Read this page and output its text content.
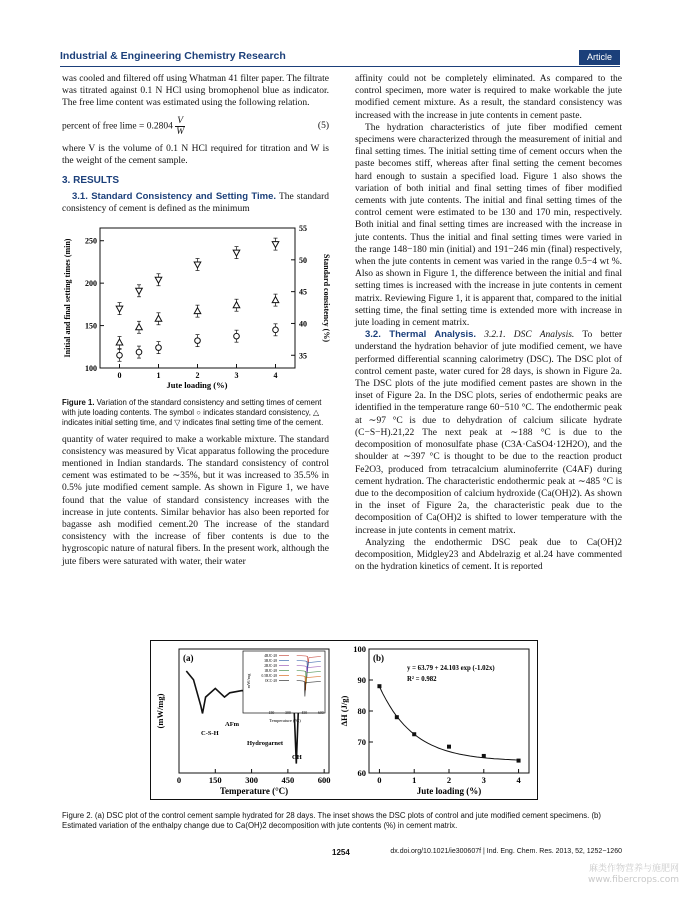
Industrial & Engineering Chemistry Research	Article

was cooled and filtered off using Whatman 41 filter paper. The filtrate was titrated against 0.1 N HCl using bromophenol blue as indicator. The free lime content was estimated using the following relation.

percent of free $\lim e = 0.2804 \frac{V}{W}$	(5)

where V is the volume of 0.1 N HCl required for titration and W is the weight of the cement sample.

3. RESULTS

3.1. Standard Consistency and Setting Time. The standard consistency of cement is defined as the minimum

0	1	2	3	4
100
150
200
250
35
40
45
50
55
Jute loading (%)
Initial and final setting times (min)	Standard consistency (%)
Figure 1. Variation of the standard consistency and setting times of cement with jute loading contents. The symbol ○ indicates standard consistency, △ indicates initial setting time, and ▽ indicates final setting time of the cement.

quantity of water required to make a workable mixture. The standard consistency was measured by Vicat apparatus following the procedure mentioned in Indian standards. The standard consistency of control cement was estimated to be ∼35%, but it was increased to 35.5% in 0.5% jute modified cement sample. As shown in Figure 1, we have found that the value of standard consistency increases with the increase in jute contents. Similar behavior has also been reported for bagasse ash modified cement.20 The increase of the standard consistency with the increase of fiber contents is due to the hygroscopic nature of natural fibers. In the present work, although the jute fibers were saturated with water, their water

affinity could not be completely eliminated. As compared to the control specimen, more water is required to make workable the jute modified cement mixture. As a result, the standard consistency was increased with the increase in jute contents in cement paste.

The hydration characteristics of jute fiber modified cement specimens were characterized through the measurement of initial and final setting times. The initial setting time of cement occurs when the paste becomes stiff, whereas after final setting the cement becomes hard enough to sustain a specified load. Figure 1 also shows the variation of both initial and final setting times of fiber modified cements with jute contents. The initial and final setting times of the control cement were estimated to be 130 and 170 min, respectively. Both initial and final setting times are increased with the increase in jute contents. Thus the initial and final setting times were varied in the range 148−180 min (initial) and 191−246 min (final) respectively, when the jute contents in cement was varied in the range 0.5−4 wt %. Also as shown in Figure 1, the difference between the initial and final setting times is increased with the increase in jute contents in cement matrix. Reviewing Figure 1, it is apparent that, compared to the initial setting time, the final setting time is extended more with increase in jute loading in cement matrix.

3.2. Thermal Analysis. 3.2.1. DSC Analysis. To better understand the hydration behavior of jute modified cement, we have performed differential scanning calorimetry (DSC). The DSC plot of control cement paste, water cured for 28 days, is shown in Figure 2a. The DSC plots of the jute modified cement pastes are shown in the inset of Figure 2a. In the DSC plots, series of endothermic peaks are identified in the temperature range 60−510 °C. The endothermic peak at ∼97 °C is due to dehydration of calcium silicate hydrate (C−S−H).21,22 The next peak at ∼188 °C is due to the decomposition of monosulfate phase (C3A·CaSO4·12H2O), and the shoulder at ∼397 °C is thought to be due to the reaction product Fe2O3, produced from tetracalcium aluminoferrite (C4AF) during cement hydration. The characteristic endothermic peak at ∼485 °C is due to the decomposition of calcium hydroxide (Ca(OH)2). As shown in the inset of Figure 2a, the characteristic peak due to the decomposition of Ca(OH)2 is shifted to lower temperature with the increase in jute contents in cement matrix.

Analyzing the endothermic DSC peak due to Ca(OH)2 decomposition, Midgley23 and Abdelrazig et al.24 have commented on the hydration kinetics of cement. It is reported

(a)
0	150	300	450	600
C-S-H
AFm
Hydrogarnet
CH
Temperature (°C)
(mW/mg)
4RJC-28
3RJC-28
2RJC-28
1RJC-28
0.5RJC-28
OCC-28
150	300	450	600
Temperature (°C)
mW/mg
(b)
y = 63.79 + 24.103 exp (-1.02x)
R² = 0.982
0	1	2	3	4
60
70
80
90
100
Jute loading (%)
ΔH (J/g)
Figure 2. (a) DSC plot of the control cement sample hydrated for 28 days. The inset shows the DSC plots of control and jute modified cement specimens. (b) Estimated variation of the enthalpy change due to Ca(OH)2 decomposition with jute contents (%) in cement matrix.
1254	dx.doi.org/10.1021/ie300607f | Ind. Eng. Chem. Res. 2013, 52, 1252−1260
麻类作物营养与施肥网
www.fibercrops.com
